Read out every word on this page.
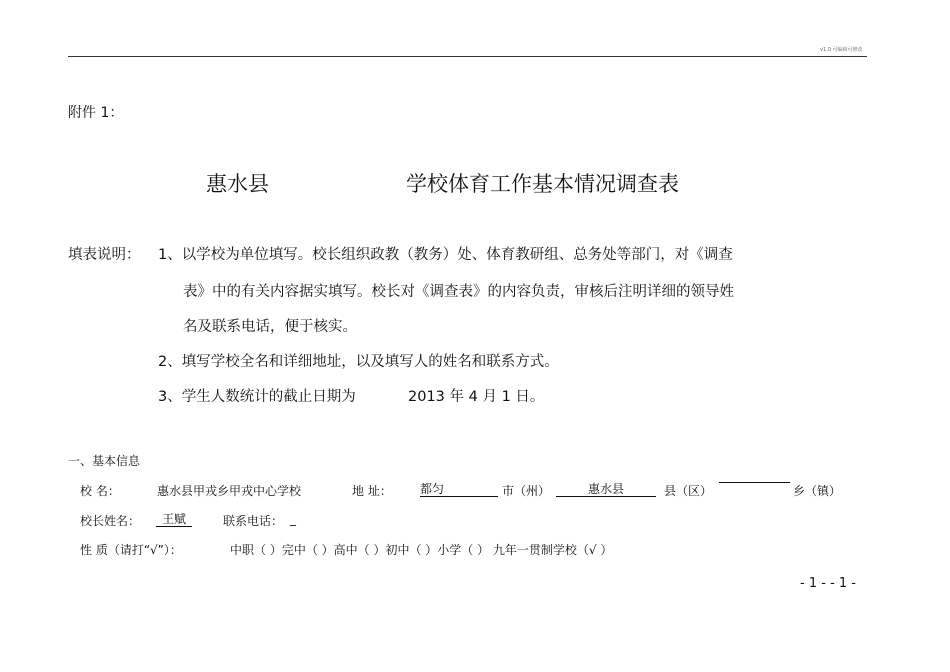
v1.0 可编辑可修改
附件 1：
惠水县	学校体育工作基本情况调查表
填表说明： 1、以学校为单位填写。校长组织政教（教务）处、体育教研组、总务处等部门，对《调查
表》中的有关内容据实填写。校长对《调查表》的内容负责，审核后注明详细的领导姓
名及联系电话，便于核实。
2、填写学校全名和详细地址，以及填写人的姓名和联系方式。
3、学生人数统计的截止日期为	2013 年 4 月 1 日。
一、基本信息
校 名：	惠水县甲戎乡甲戎中心学校	地 址： 都匀	市（州）	惠水县	县（区）	乡（镇）
校长姓名：	王赋	联系电话： _
性 质（请打“√”）：	中职（ ）完中（ ）高中（ ）初中（ ）小学（ ） 九年一贯制学校（√ ）
- 1 - - 1 -
